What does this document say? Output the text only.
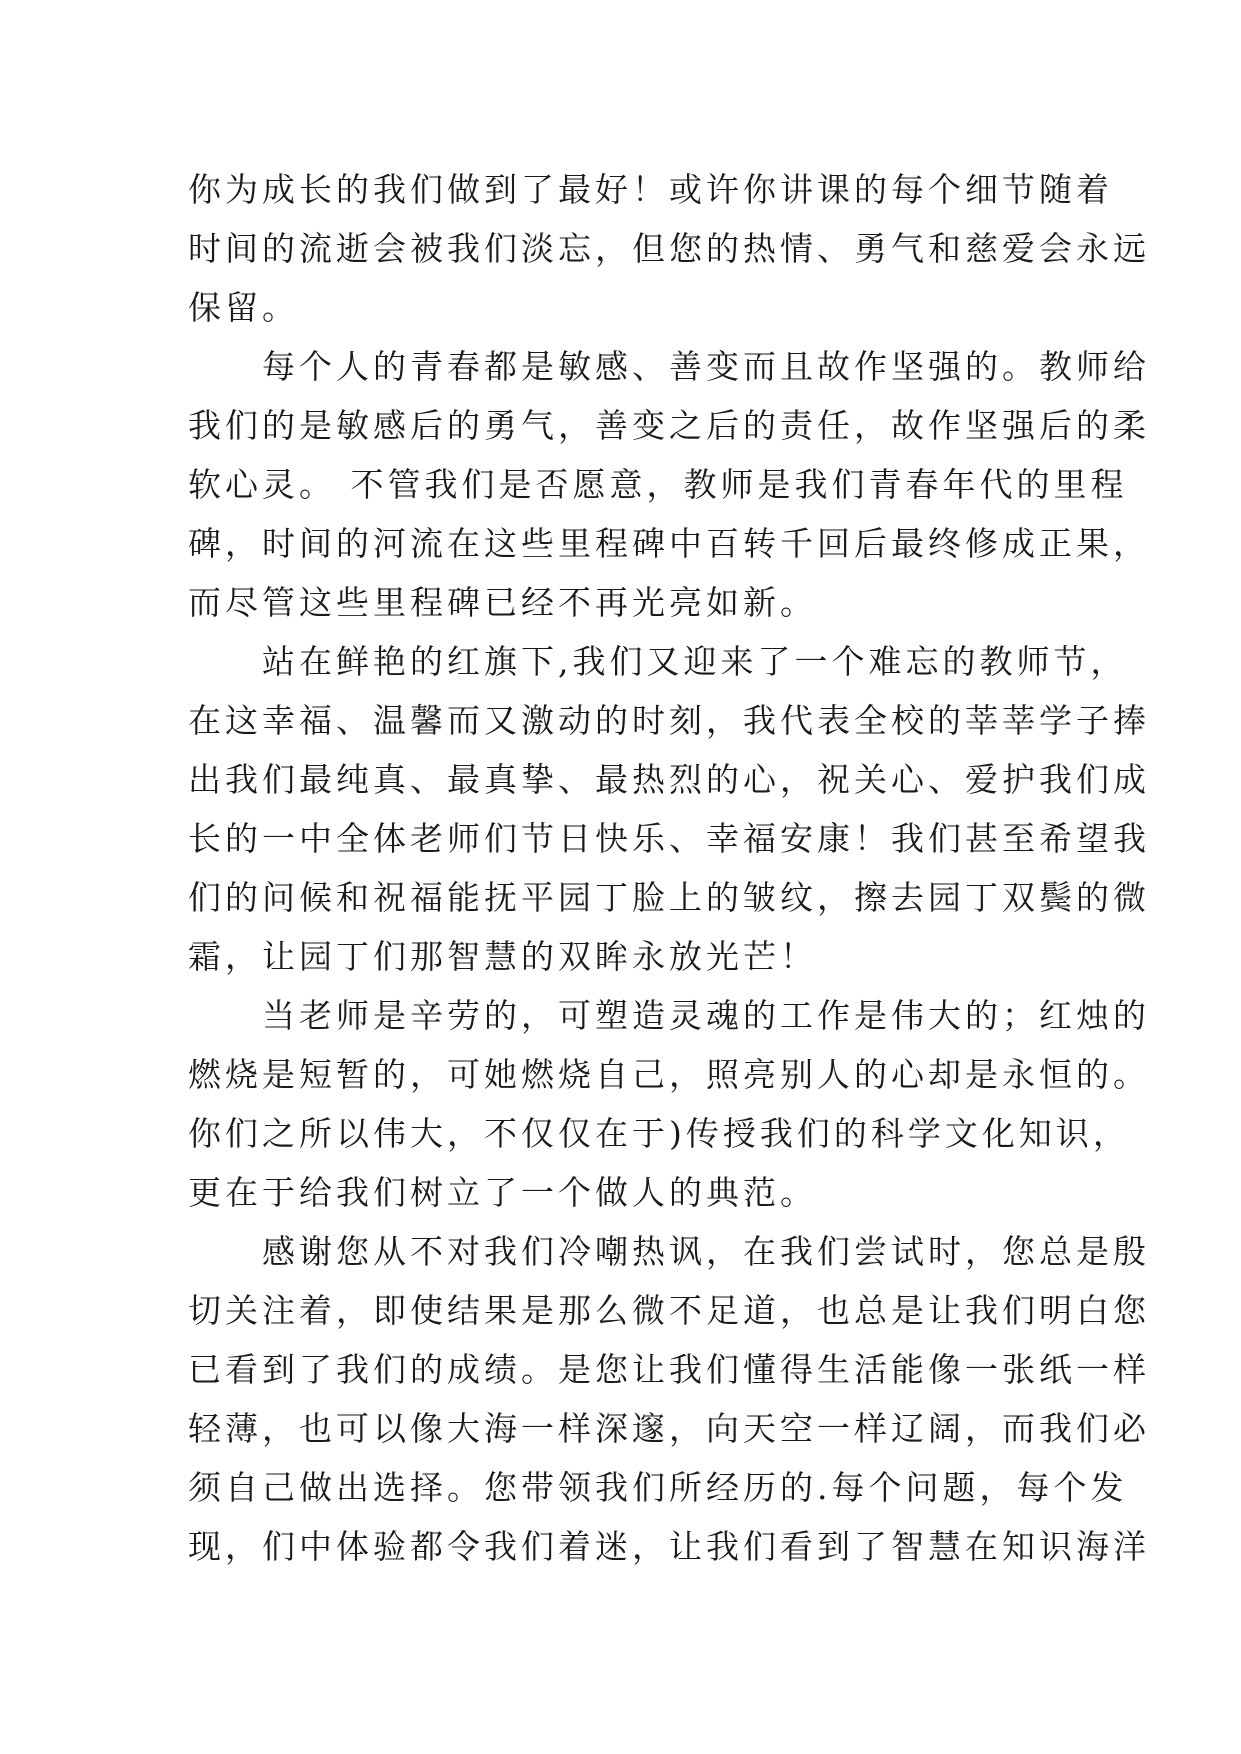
你为成长的我们做到了最好！或许你讲课的每个细节随着
时间的流逝会被我们淡忘，但您的热情、勇气和慈爱会永远
保留。
　　每个人的青春都是敏感、善变而且故作坚强的。教师给
我们的是敏感后的勇气，善变之后的责任，故作坚强后的柔
软心灵。 不管我们是否愿意，教师是我们青春年代的里程
碑，时间的河流在这些里程碑中百转千回后最终修成正果，
而尽管这些里程碑已经不再光亮如新。
　　站在鲜艳的红旗下,我们又迎来了一个难忘的教师节，
在这幸福、温馨而又激动的时刻，我代表全校的莘莘学子捧
出我们最纯真、最真挚、最热烈的心，祝关心、爱护我们成
长的一中全体老师们节日快乐、幸福安康！我们甚至希望我
们的问候和祝福能抚平园丁脸上的皱纹，擦去园丁双鬓的微
霜，让园丁们那智慧的双眸永放光芒！
　　当老师是辛劳的，可塑造灵魂的工作是伟大的；红烛的
燃烧是短暂的，可她燃烧自己，照亮别人的心却是永恒的。
你们之所以伟大，不仅仅在于)传授我们的科学文化知识，
更在于给我们树立了一个做人的典范。
　　感谢您从不对我们冷嘲热讽，在我们尝试时，您总是殷
切关注着，即使结果是那么微不足道，也总是让我们明白您
已看到了我们的成绩。是您让我们懂得生活能像一张纸一样
轻薄，也可以像大海一样深邃，向天空一样辽阔，而我们必
须自己做出选择。您带领我们所经历的.每个问题，每个发
现，们中体验都令我们着迷，让我们看到了智慧在知识海洋
